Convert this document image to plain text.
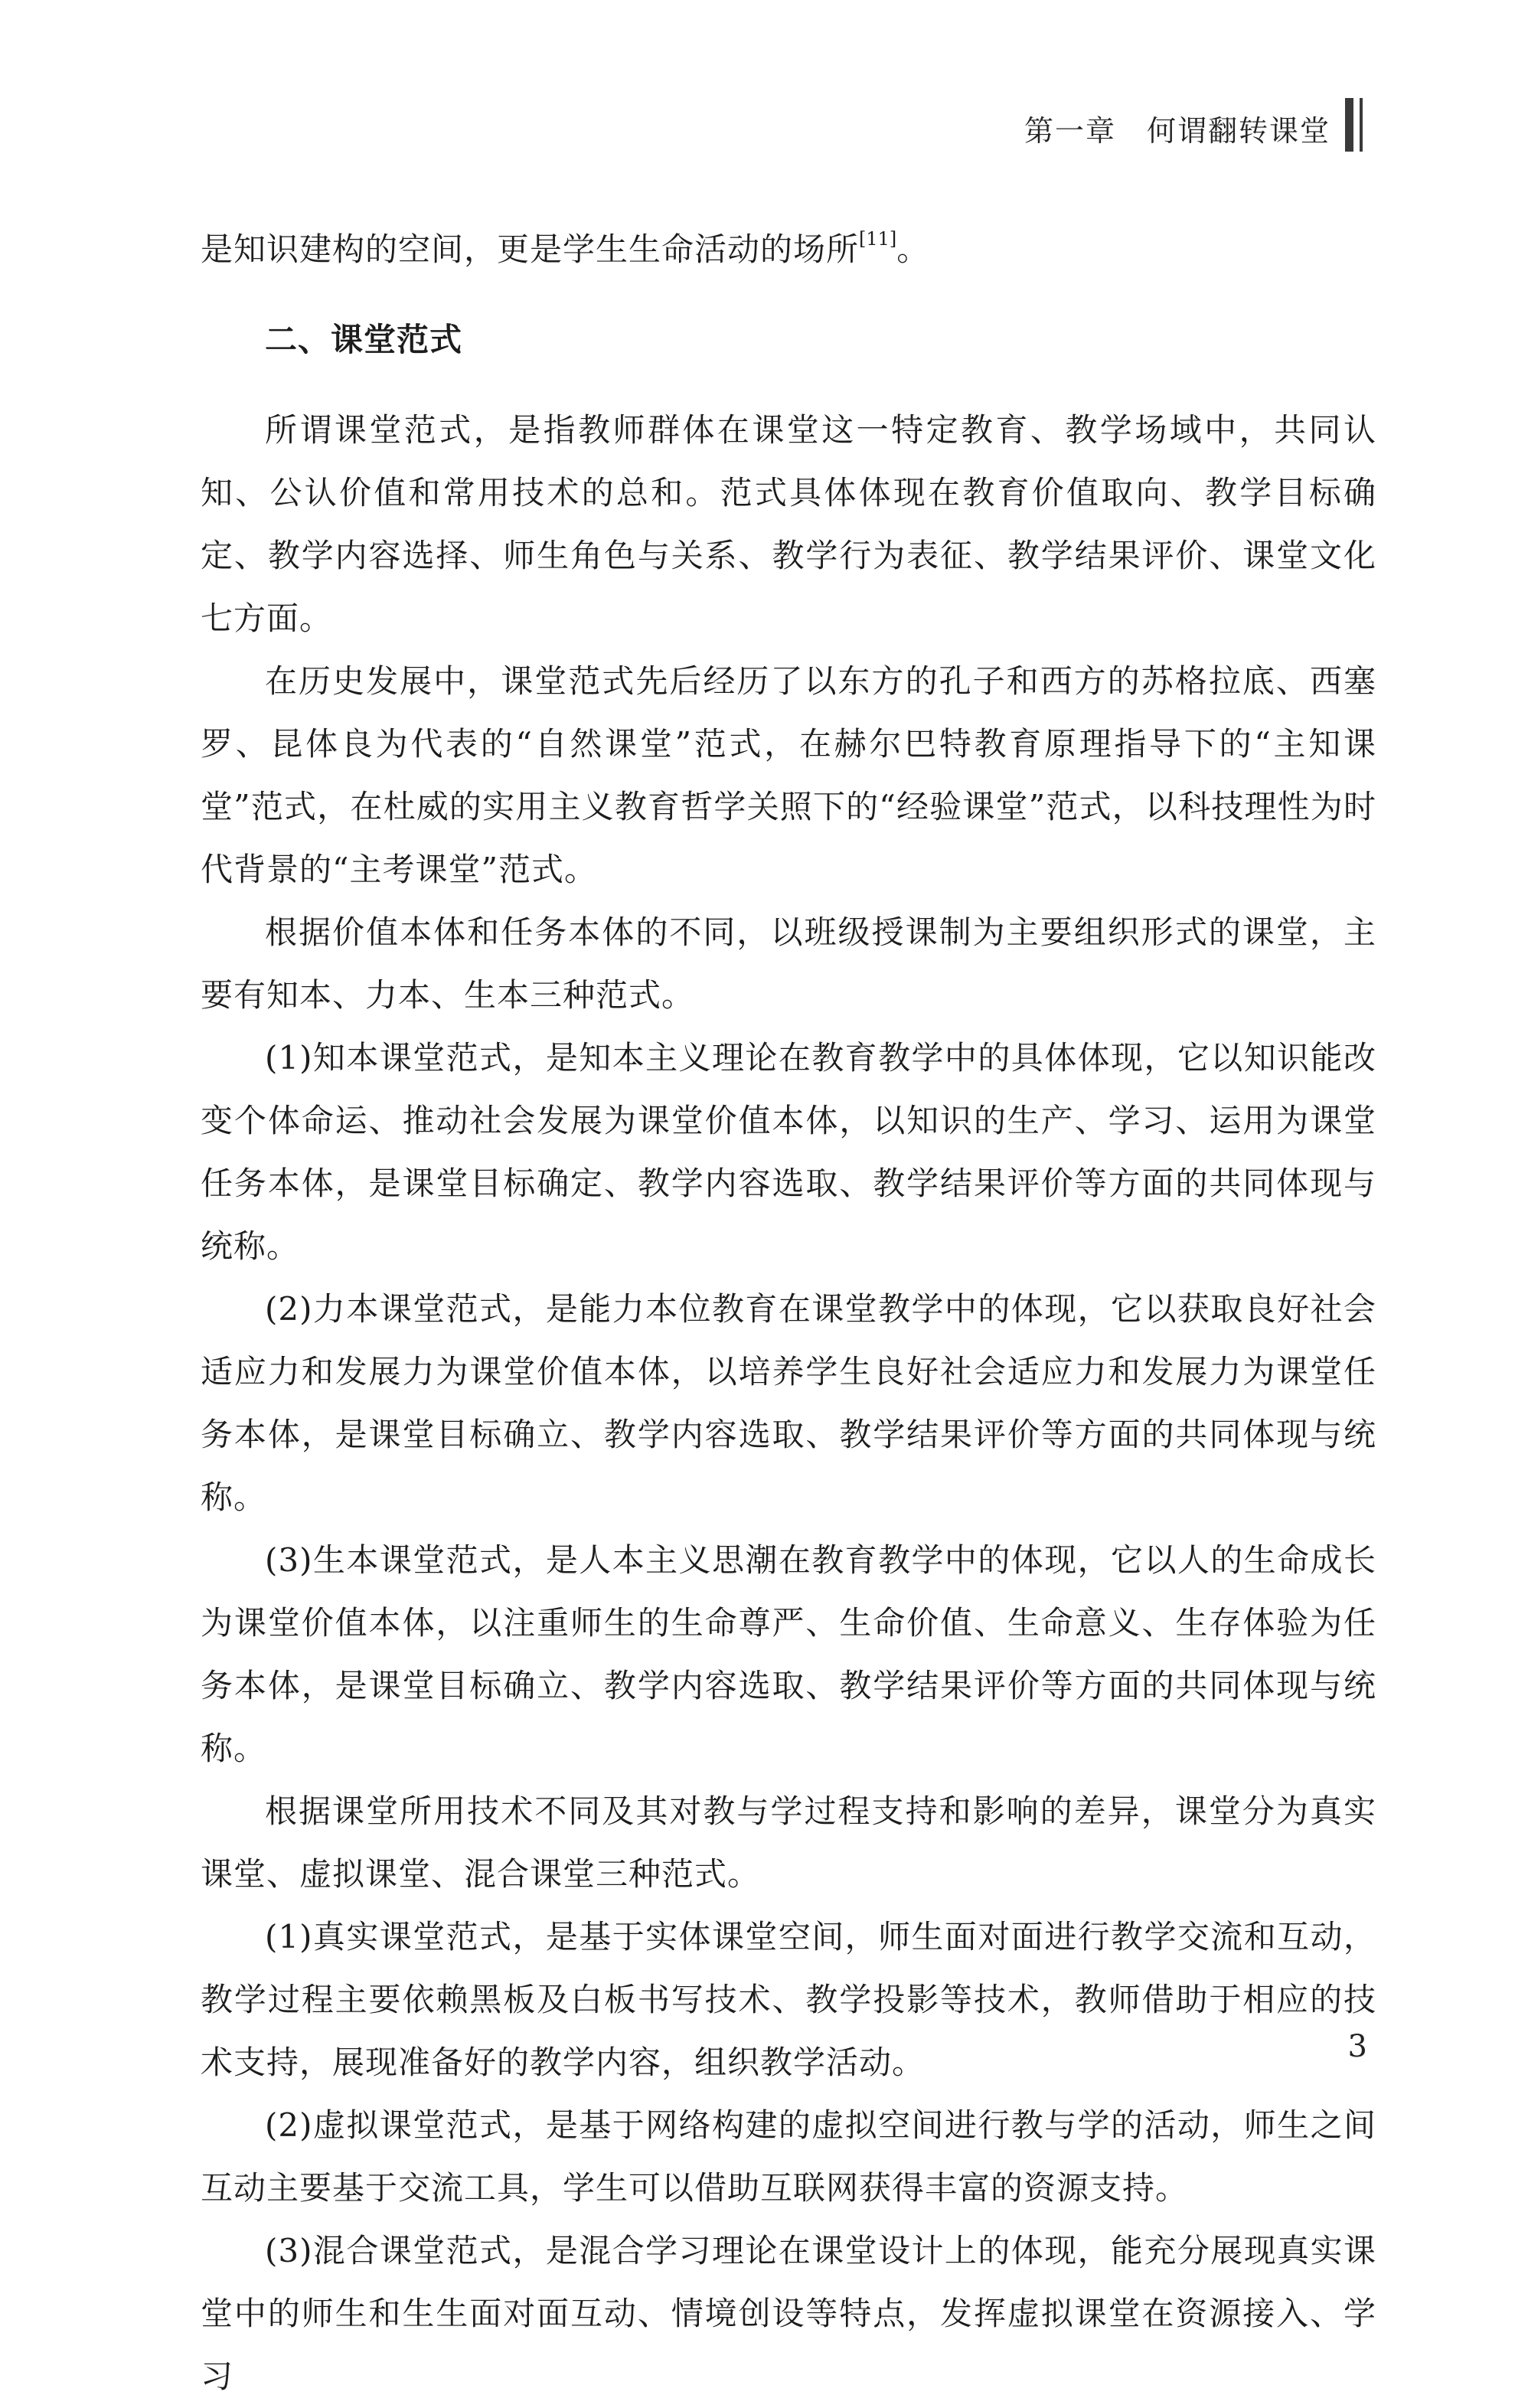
第一章　何谓翻转课堂

是知识建构的空间，更是学生生命活动的场所[11]。

二、课堂范式

所谓课堂范式，是指教师群体在课堂这一特定教育、教学场域中，共同认知、公认价值和常用技术的总和。范式具体体现在教育价值取向、教学目标确定、教学内容选择、师生角色与关系、教学行为表征、教学结果评价、课堂文化七方面。

在历史发展中，课堂范式先后经历了以东方的孔子和西方的苏格拉底、西塞罗、昆体良为代表的“自然课堂”范式，在赫尔巴特教育原理指导下的“主知课堂”范式，在杜威的实用主义教育哲学关照下的“经验课堂”范式，以科技理性为时代背景的“主考课堂”范式。

根据价值本体和任务本体的不同，以班级授课制为主要组织形式的课堂，主要有知本、力本、生本三种范式。

(1)知本课堂范式，是知本主义理论在教育教学中的具体体现，它以知识能改变个体命运、推动社会发展为课堂价值本体，以知识的生产、学习、运用为课堂任务本体，是课堂目标确定、教学内容选取、教学结果评价等方面的共同体现与统称。

(2)力本课堂范式，是能力本位教育在课堂教学中的体现，它以获取良好社会适应力和发展力为课堂价值本体，以培养学生良好社会适应力和发展力为课堂任务本体，是课堂目标确立、教学内容选取、教学结果评价等方面的共同体现与统称。

(3)生本课堂范式，是人本主义思潮在教育教学中的体现，它以人的生命成长为课堂价值本体，以注重师生的生命尊严、生命价值、生命意义、生存体验为任务本体，是课堂目标确立、教学内容选取、教学结果评价等方面的共同体现与统称。

根据课堂所用技术不同及其对教与学过程支持和影响的差异，课堂分为真实课堂、虚拟课堂、混合课堂三种范式。

(1)真实课堂范式，是基于实体课堂空间，师生面对面进行教学交流和互动，教学过程主要依赖黑板及白板书写技术、教学投影等技术，教师借助于相应的技术支持，展现准备好的教学内容，组织教学活动。

(2)虚拟课堂范式，是基于网络构建的虚拟空间进行教与学的活动，师生之间互动主要基于交流工具，学生可以借助互联网获得丰富的资源支持。

(3)混合课堂范式，是混合学习理论在课堂设计上的体现，能充分展现真实课堂中的师生和生生面对面互动、情境创设等特点，发挥虚拟课堂在资源接入、学习

3
